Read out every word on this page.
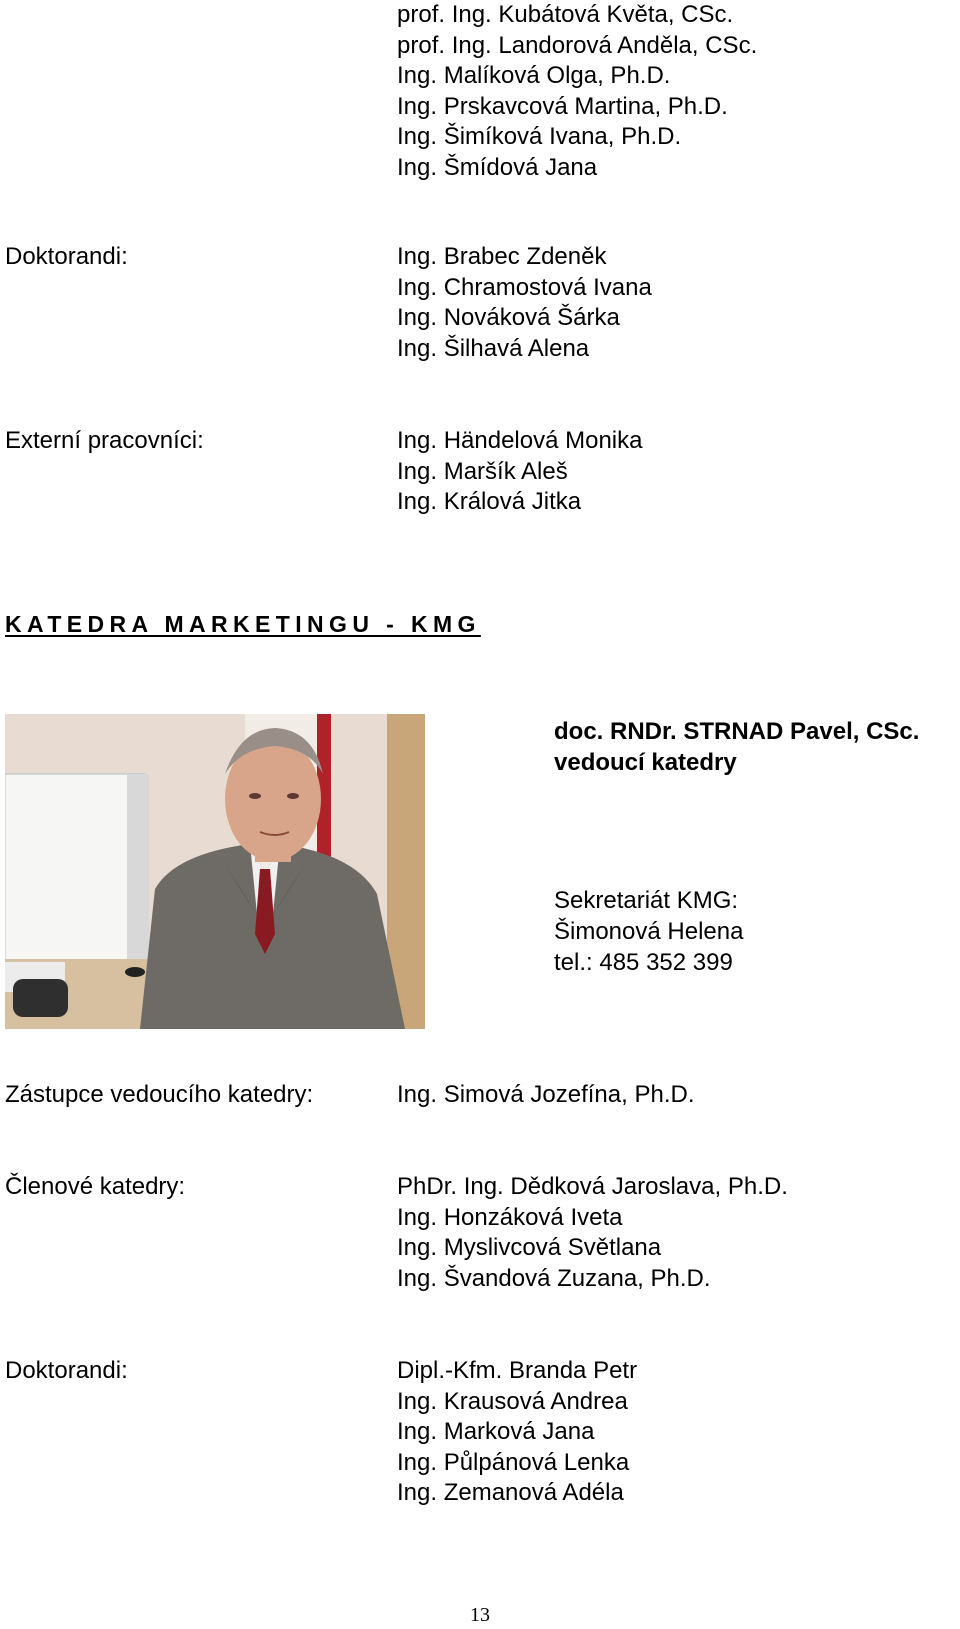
prof. Ing. Kubátová Květa, CSc.
prof. Ing. Landorová Anděla, CSc.
Ing. Malíková Olga, Ph.D.
Ing. Prskavcová Martina, Ph.D.
Ing. Šimíková Ivana, Ph.D.
Ing. Šmídová Jana
Doktorandi:	Ing. Brabec Zdeněk
Ing. Chramostová Ivana
Ing. Nováková Šárka
Ing. Šilhavá Alena
Externí pracovníci:	Ing. Händelová Monika
Ing. Maršík Aleš
Ing. Králová Jitka
KATEDRA MARKETINGU - KMG
doc. RNDr. STRNAD Pavel, CSc.
vedoucí katedry
Sekretariát KMG:
Šimonová Helena
tel.: 485 352 399
Zástupce vedoucího katedry:	Ing. Simová Jozefína, Ph.D.
Členové katedry:	PhDr. Ing. Dědková Jaroslava, Ph.D.
Ing. Honzáková Iveta
Ing. Myslivcová Světlana
Ing. Švandová Zuzana, Ph.D.
Doktorandi:	Dipl.-Kfm. Branda Petr
Ing. Krausová Andrea
Ing. Marková Jana
Ing. Půlpánová Lenka
Ing. Zemanová Adéla
13
